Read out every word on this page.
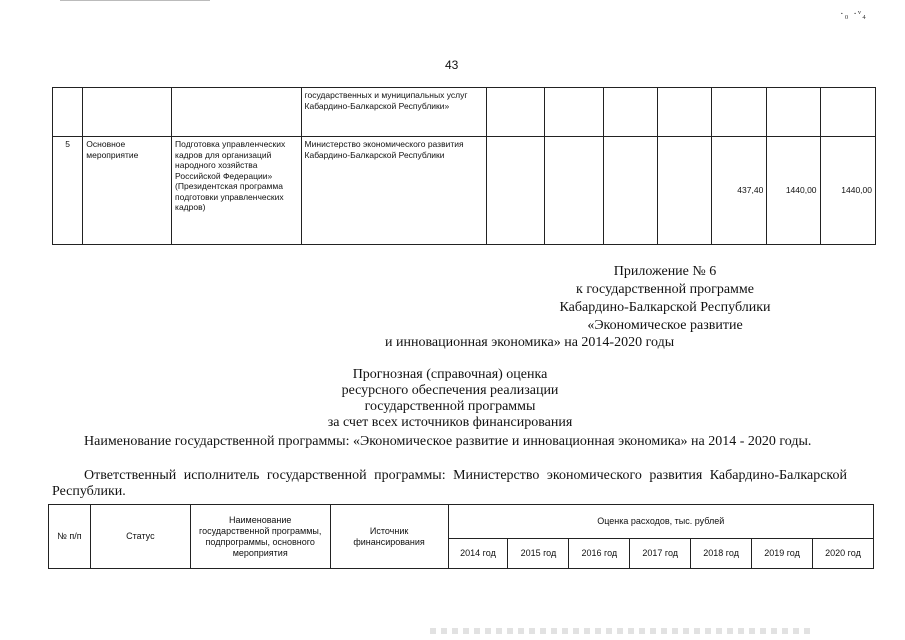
·₀ ·ᵛ₄
43
			государственных и муниципальных услуг Кабардино-Балкарской Республики»							
5	Основное мероприятие	Подготовка управленческих кадров для организаций народного хозяйства Российской Федерации» (Президентская программа подготовки управленческих кадров)	Министерство экономического развития Кабардино-Балкарской Республики					437,40	1440,00	1440,00
Приложение № 6
к государственной программе
Кабардино-Балкарской Республики
«Экономическое развитие
и инновационная экономика» на 2014-2020 годы
Прогнозная (справочная) оценка
ресурсного обеспечения реализации
государственной программы
за счет всех источников финансирования
Наименование государственной программы: «Экономическое развитие и инновационная экономика» на 2014 - 2020 годы.
Ответственный исполнитель государственной программы: Министерство экономического развития Кабардино-Балкарской Республики.
№ п/п	Статус	Наименование государственной программы, подпрограммы, основного мероприятия	Источник финансирования	Оценка расходов, тыс. рублей						
				2014 год	2015 год	2016 год	2017 год	2018 год	2019 год	2020 год
